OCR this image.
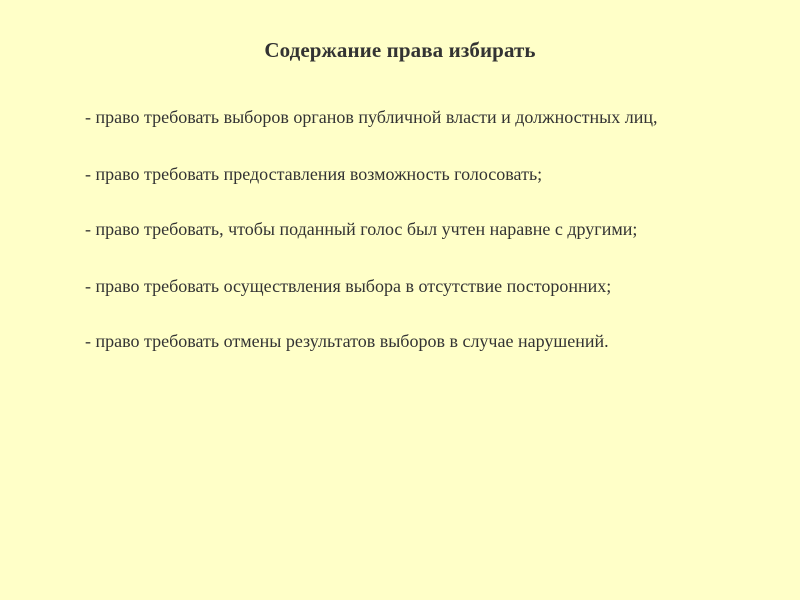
Содержание права избирать
- право требовать выборов органов публичной власти и должностных лиц,
- право требовать предоставления возможность голосовать;
- право требовать, чтобы поданный голос был учтен наравне с другими;
- право требовать осуществления выбора в отсутствие посторонних;
- право требовать отмены результатов выборов в случае нарушений.
